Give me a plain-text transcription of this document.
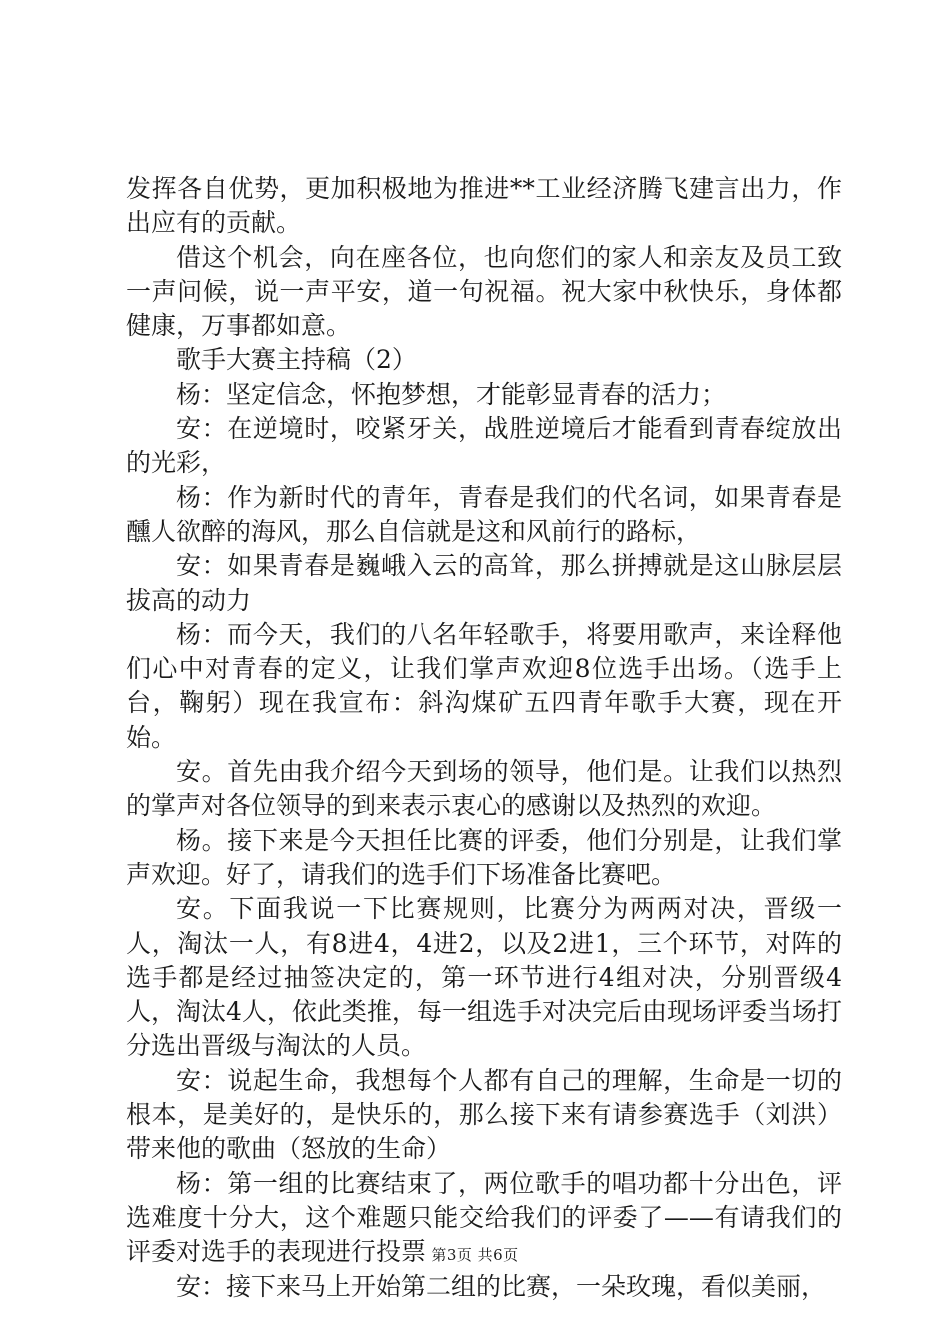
发挥各自优势，更加积极地为推进**工业经济腾飞建言出力，作出应有的贡献。

借这个机会，向在座各位，也向您们的家人和亲友及员工致一声问候，说一声平安，道一句祝福。祝大家中秋快乐，身体都健康，万事都如意。

歌手大赛主持稿（2）

杨：坚定信念，怀抱梦想，才能彰显青春的活力；

安：在逆境时，咬紧牙关，战胜逆境后才能看到青春绽放出的光彩，

杨：作为新时代的青年，青春是我们的代名词，如果青春是醺人欲醉的海风，那么自信就是这和风前行的路标，

安：如果青春是巍峨入云的高耸，那么拼搏就是这山脉层层拔高的动力

杨：而今天，我们的八名年轻歌手，将要用歌声，来诠释他们心中对青春的定义，让我们掌声欢迎8位选手出场。（选手上台，鞠躬）现在我宣布：斜沟煤矿五四青年歌手大赛，现在开始。

安。首先由我介绍今天到场的领导，他们是。让我们以热烈的掌声对各位领导的到来表示衷心的感谢以及热烈的欢迎。

杨。接下来是今天担任比赛的评委，他们分别是，让我们掌声欢迎。好了，请我们的选手们下场准备比赛吧。

安。下面我说一下比赛规则，比赛分为两两对决，晋级一人，淘汰一人，有8进4，4进2，以及2进1，三个环节，对阵的选手都是经过抽签决定的，第一环节进行4组对决，分别晋级4人，淘汰4人，依此类推，每一组选手对决完后由现场评委当场打分选出晋级与淘汰的人员。

安：说起生命，我想每个人都有自己的理解，生命是一切的根本，是美好的，是快乐的，那么接下来有请参赛选手（刘洪）带来他的歌曲（怒放的生命）

杨：第一组的比赛结束了，两位歌手的唱功都十分出色，评选难度十分大，这个难题只能交给我们的评委了——有请我们的评委对选手的表现进行投票

安：接下来马上开始第二组的比赛，一朵玫瑰，看似美丽，

第3页 共6页
